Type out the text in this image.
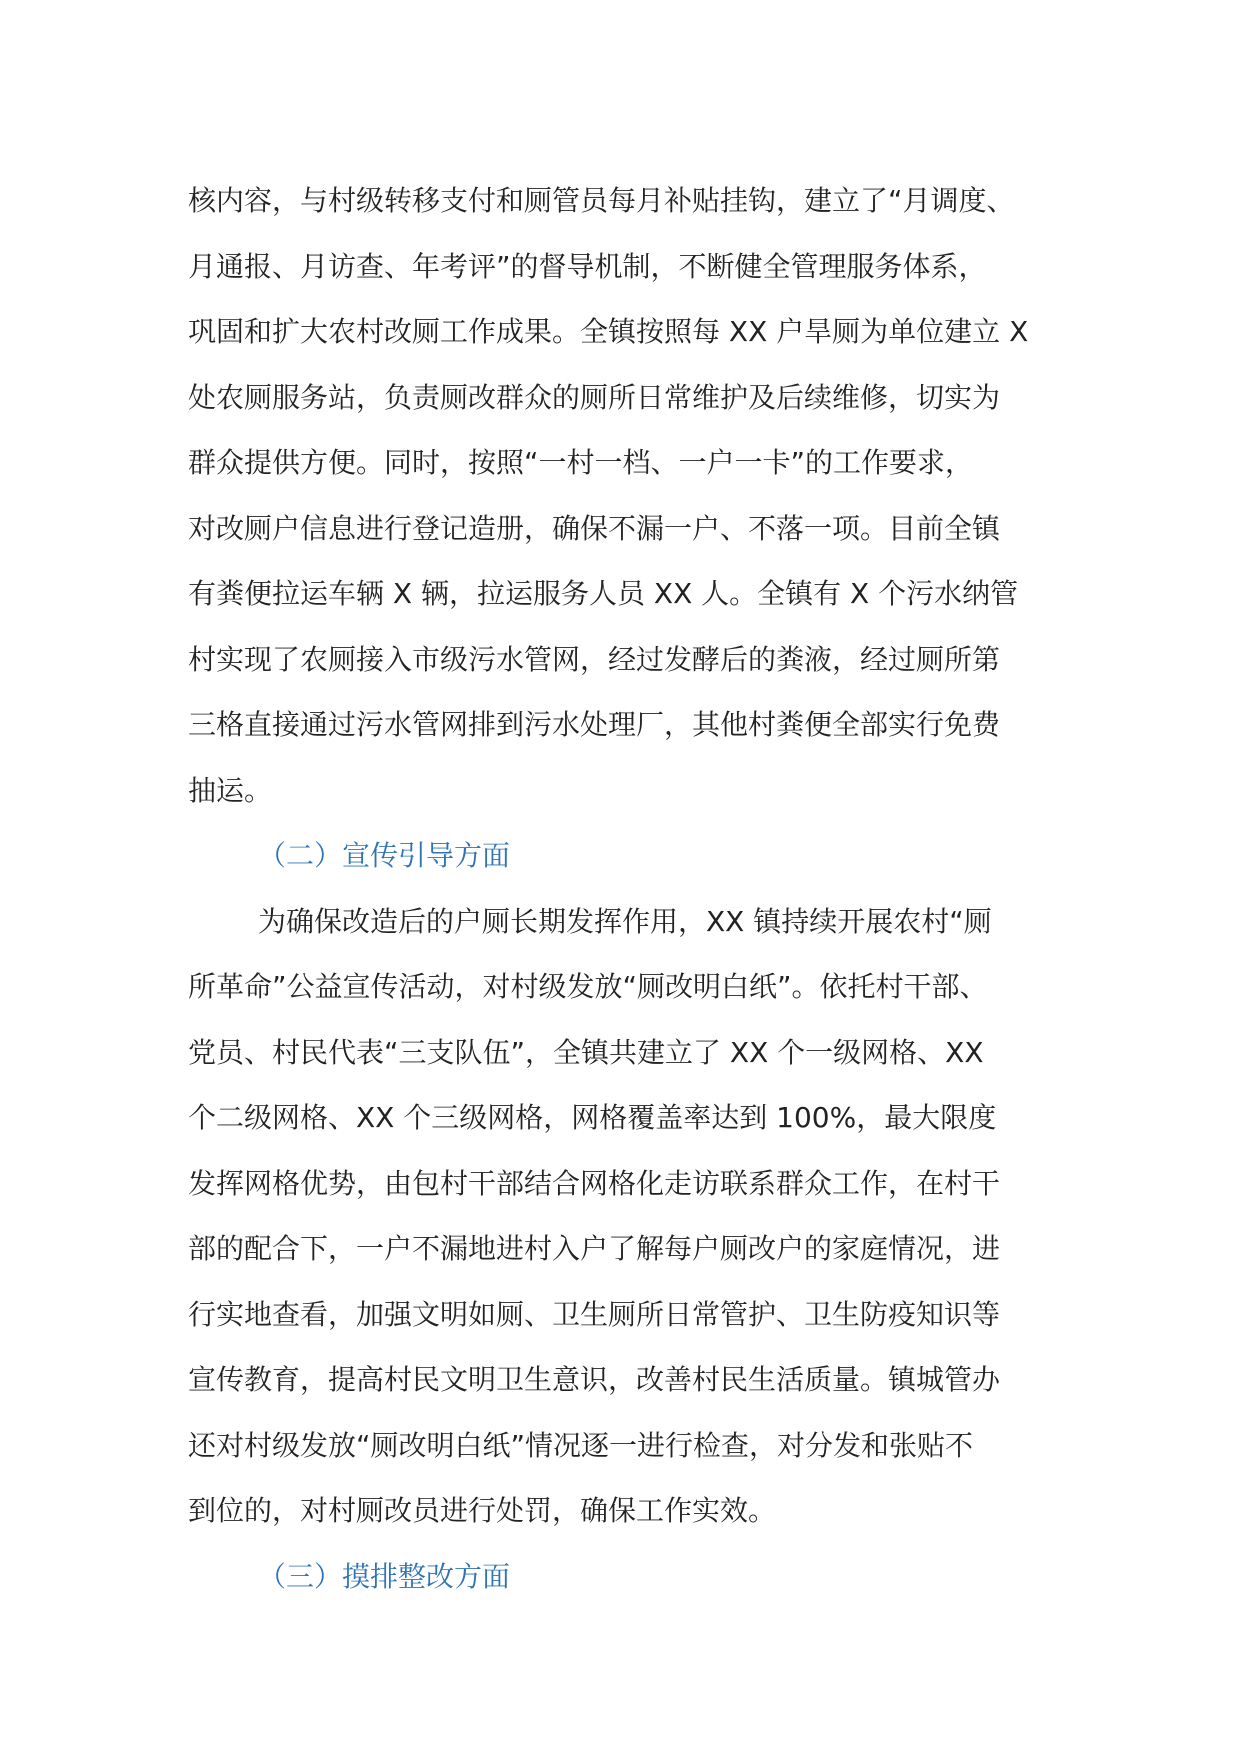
核内容，与村级转移支付和厕管员每月补贴挂钩，建立了“月调度、
月通报、月访查、年考评”的督导机制，不断健全管理服务体系，
巩固和扩大农村改厕工作成果。全镇按照每 XX 户旱厕为单位建立 X
处农厕服务站，负责厕改群众的厕所日常维护及后续维修，切实为
群众提供方便。同时，按照“一村一档、一户一卡”的工作要求，
对改厕户信息进行登记造册，确保不漏一户、不落一项。目前全镇
有粪便拉运车辆 X 辆，拉运服务人员 XX 人。全镇有 X 个污水纳管
村实现了农厕接入市级污水管网，经过发酵后的粪液，经过厕所第
三格直接通过污水管网排到污水处理厂，其他村粪便全部实行免费
抽运。
（二）宣传引导方面
为确保改造后的户厕长期发挥作用，XX 镇持续开展农村“厕
所革命”公益宣传活动，对村级发放“厕改明白纸”。依托村干部、
党员、村民代表“三支队伍”，全镇共建立了 XX 个一级网格、XX
个二级网格、XX 个三级网格，网格覆盖率达到 100%，最大限度
发挥网格优势，由包村干部结合网格化走访联系群众工作，在村干
部的配合下，一户不漏地进村入户了解每户厕改户的家庭情况，进
行实地查看，加强文明如厕、卫生厕所日常管护、卫生防疫知识等
宣传教育，提高村民文明卫生意识，改善村民生活质量。镇城管办
还对村级发放“厕改明白纸”情况逐一进行检查，对分发和张贴不
到位的，对村厕改员进行处罚，确保工作实效。
（三）摸排整改方面
